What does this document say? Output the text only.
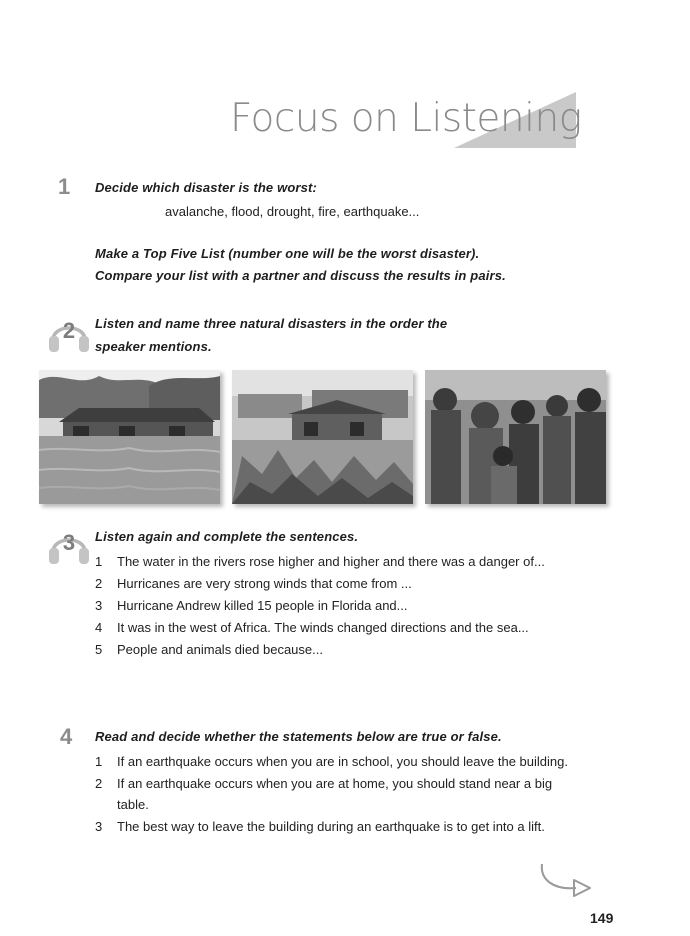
Focus on Listening
1 Decide which disaster is the worst:
avalanche, flood, drought, fire, earthquake...
Make a Top Five List (number one will be the worst disaster).
Compare your list with a partner and discuss the results in pairs.
2	Listen and name three natural disasters in the order the
speaker mentions.
3	Listen again and complete the sentences.
1	The water in the rivers rose higher and higher and there was a danger of...
2	Hurricanes are very strong winds that come from ...
3	Hurricane Andrew killed 15 people in Florida and...
4	It was in the west of Africa. The winds changed directions and the sea...
5	People and animals died because...
4 Read and decide whether the statements below are true or false.
1	If an earthquake occurs when you are in school, you should leave the building.
2	If an earthquake occurs when you are at home, you should stand near a big table.
3	The best way to leave the building during an earthquake is to get into a lift.
149
